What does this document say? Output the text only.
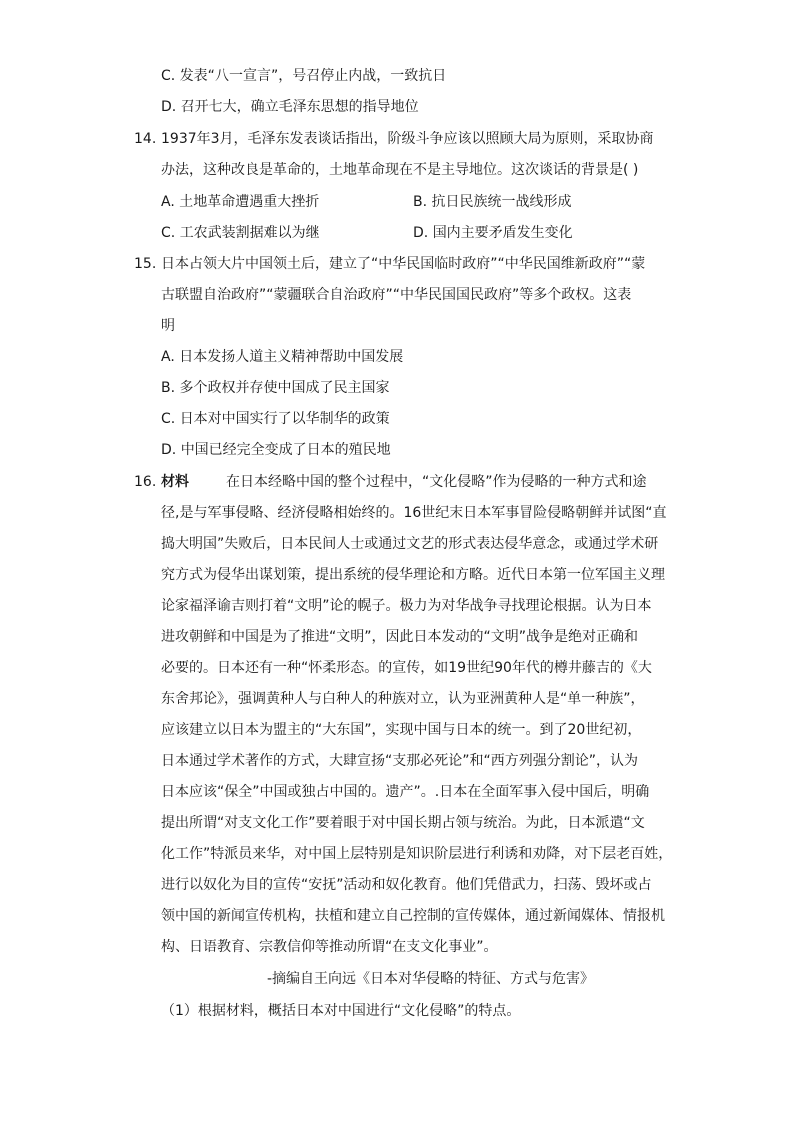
C. 发表“八一宣言”，号召停止内战，一致抗日
D. 召开七大，确立毛泽东思想的指导地位
14. 1937年3月，毛泽东发表谈话指出，阶级斗争应该以照顾大局为原则，采取协商
办法，这种改良是革命的，土地革命现在不是主导地位。这次谈话的背景是( )
A. 土地革命遭遇重大挫折	B. 抗日民族统一战线形成
C. 工农武装割据难以为继	D. 国内主要矛盾发生变化
15. 日本占领大片中国领土后，建立了“中华民国临时政府”“中华民国维新政府”“蒙
古联盟自治政府”“蒙疆联合自治政府”“中华民国国民政府”等多个政权。这表
明
A. 日本发扬人道主义精神帮助中国发展
B. 多个政权并存使中国成了民主国家
C. 日本对中国实行了以华制华的政策
D. 中国已经完全变成了日本的殖民地
16. 材料	在日本经略中国的整个过程中，“文化侵略”作为侵略的一种方式和途
径,是与军事侵略、经济侵略相始终的。16世纪末日本军事冒险侵略朝鲜并试图“直
捣大明国”失败后，日本民间人士或通过文艺的形式表达侵华意念，或通过学术研
究方式为侵华出谋划策，提出系统的侵华理论和方略。近代日本第一位军国主义理
论家福泽谕吉则打着“文明”论的幌子。极力为对华战争寻找理论根据。认为日本
进攻朝鲜和中国是为了推进“文明”，因此日本发动的“文明”战争是绝对正确和
必要的。日本还有一种“怀柔形态。的宣传，如19世纪90年代的樽井藤吉的《大
东舍邦论》，强调黄种人与白种人的种族对立，认为亚洲黄种人是“单一种族”，
应该建立以日本为盟主的“大东国”，实现中国与日本的统一。到了20世纪初，
日本通过学术著作的方式，大肆宣扬“支那必死论”和“西方列强分割论”，认为
日本应该“保全”中国或独占中国的。遗产”。.日本在全面军事入侵中国后，明确
提出所谓“对支文化工作”要着眼于对中国长期占领与统治。为此，日本派遣“文
化工作”特派员来华，对中国上层特别是知识阶层进行利诱和劝降，对下层老百姓，
进行以奴化为目的宣传“安抚”活动和奴化教育。他们凭借武力，扫荡、毁坏或占
领中国的新闻宣传机构，扶植和建立自己控制的宣传媒体，通过新闻媒体、情报机
构、日语教育、宗教信仰等推动所谓“在支文化事业”。
-摘编自王向远《日本对华侵略的特征、方式与危害》
（1）根据材料，概括日本对中国进行“文化侵略”的特点。
